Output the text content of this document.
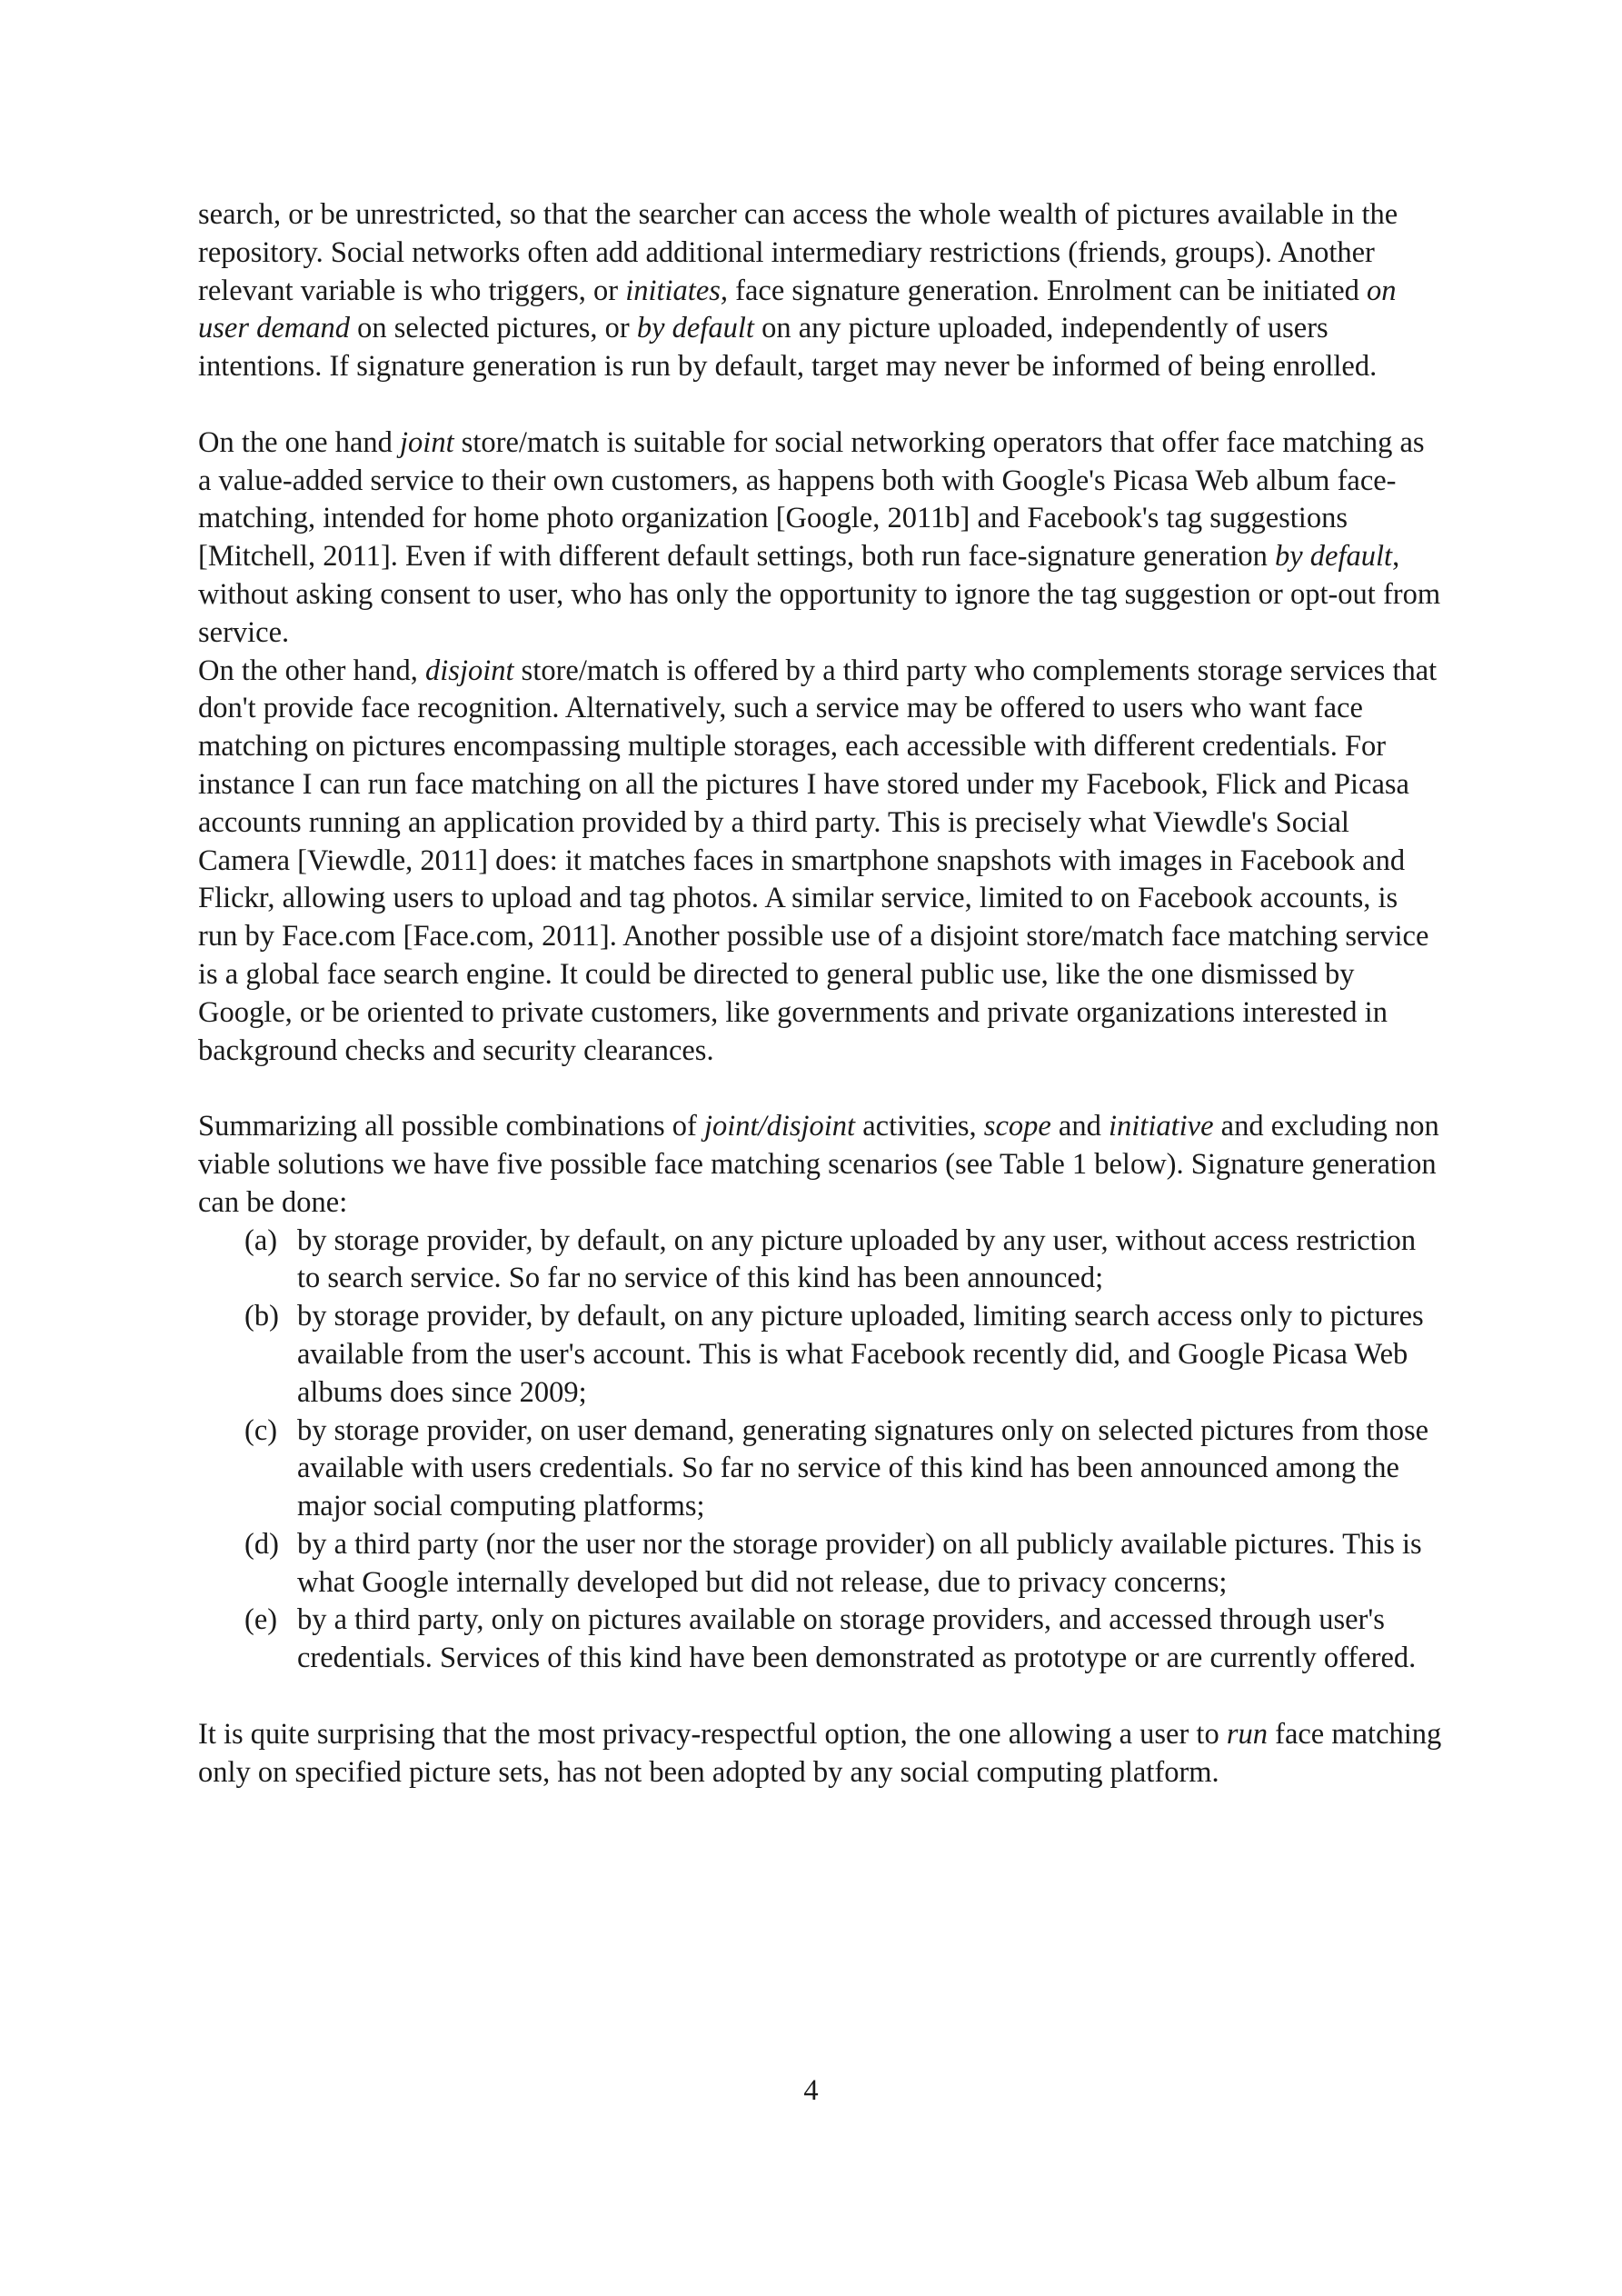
search, or be unrestricted, so that the searcher can access the whole wealth of pictures available in the repository. Social networks often add additional intermediary restrictions (friends, groups). Another relevant variable is who triggers, or initiates, face signature generation. Enrolment can be initiated on user demand on selected pictures, or by default on any picture uploaded, independently of users intentions. If signature generation is run by default, target may never be informed of being enrolled.

On the one hand joint store/match is suitable for social networking operators that offer face matching as a value-added service to their own customers, as happens both with Google's Picasa Web album face-matching, intended for home photo organization [Google, 2011b] and Facebook's tag suggestions [Mitchell, 2011]. Even if with different default settings, both run face-signature generation by default, without asking consent to user, who has only the opportunity to ignore the tag suggestion or opt-out from service.

On the other hand, disjoint store/match is offered by a third party who complements storage services that don't provide face recognition. Alternatively, such a service may be offered to users who want face matching on pictures encompassing multiple storages, each accessible with different credentials. For instance I can run face matching on all the pictures I have stored under my Facebook, Flick and Picasa accounts running an application provided by a third party. This is precisely what Viewdle's Social Camera [Viewdle, 2011] does: it matches faces in smartphone snapshots with images in Facebook and Flickr, allowing users to upload and tag photos. A similar service, limited to on Facebook accounts, is run by Face.com [Face.com, 2011]. Another possible use of a disjoint store/match face matching service is a global face search engine. It could be directed to general public use, like the one dismissed by Google, or be oriented to private customers, like governments and private organizations interested in background checks and security clearances.

Summarizing all possible combinations of joint/disjoint activities, scope and initiative and excluding non viable solutions we have five possible face matching scenarios (see Table 1 below). Signature generation can be done:

(a) by storage provider, by default, on any picture uploaded by any user, without access restriction to search service. So far no service of this kind has been announced;
(b) by storage provider, by default, on any picture uploaded, limiting search access only to pictures available from the user's account. This is what Facebook recently did, and Google Picasa Web albums does since 2009;
(c) by storage provider, on user demand, generating signatures only on selected pictures from those available with users credentials. So far no service of this kind has been announced among the major social computing platforms;
(d) by a third party (nor the user nor the storage provider) on all publicly available pictures. This is what Google internally developed but did not release, due to privacy concerns;
(e) by a third party, only on pictures available on storage providers, and accessed through user's credentials. Services of this kind have been demonstrated as prototype or are currently offered.

It is quite surprising that the most privacy-respectful option, the one allowing a user to run face matching only on specified picture sets, has not been adopted by any social computing platform.

4
